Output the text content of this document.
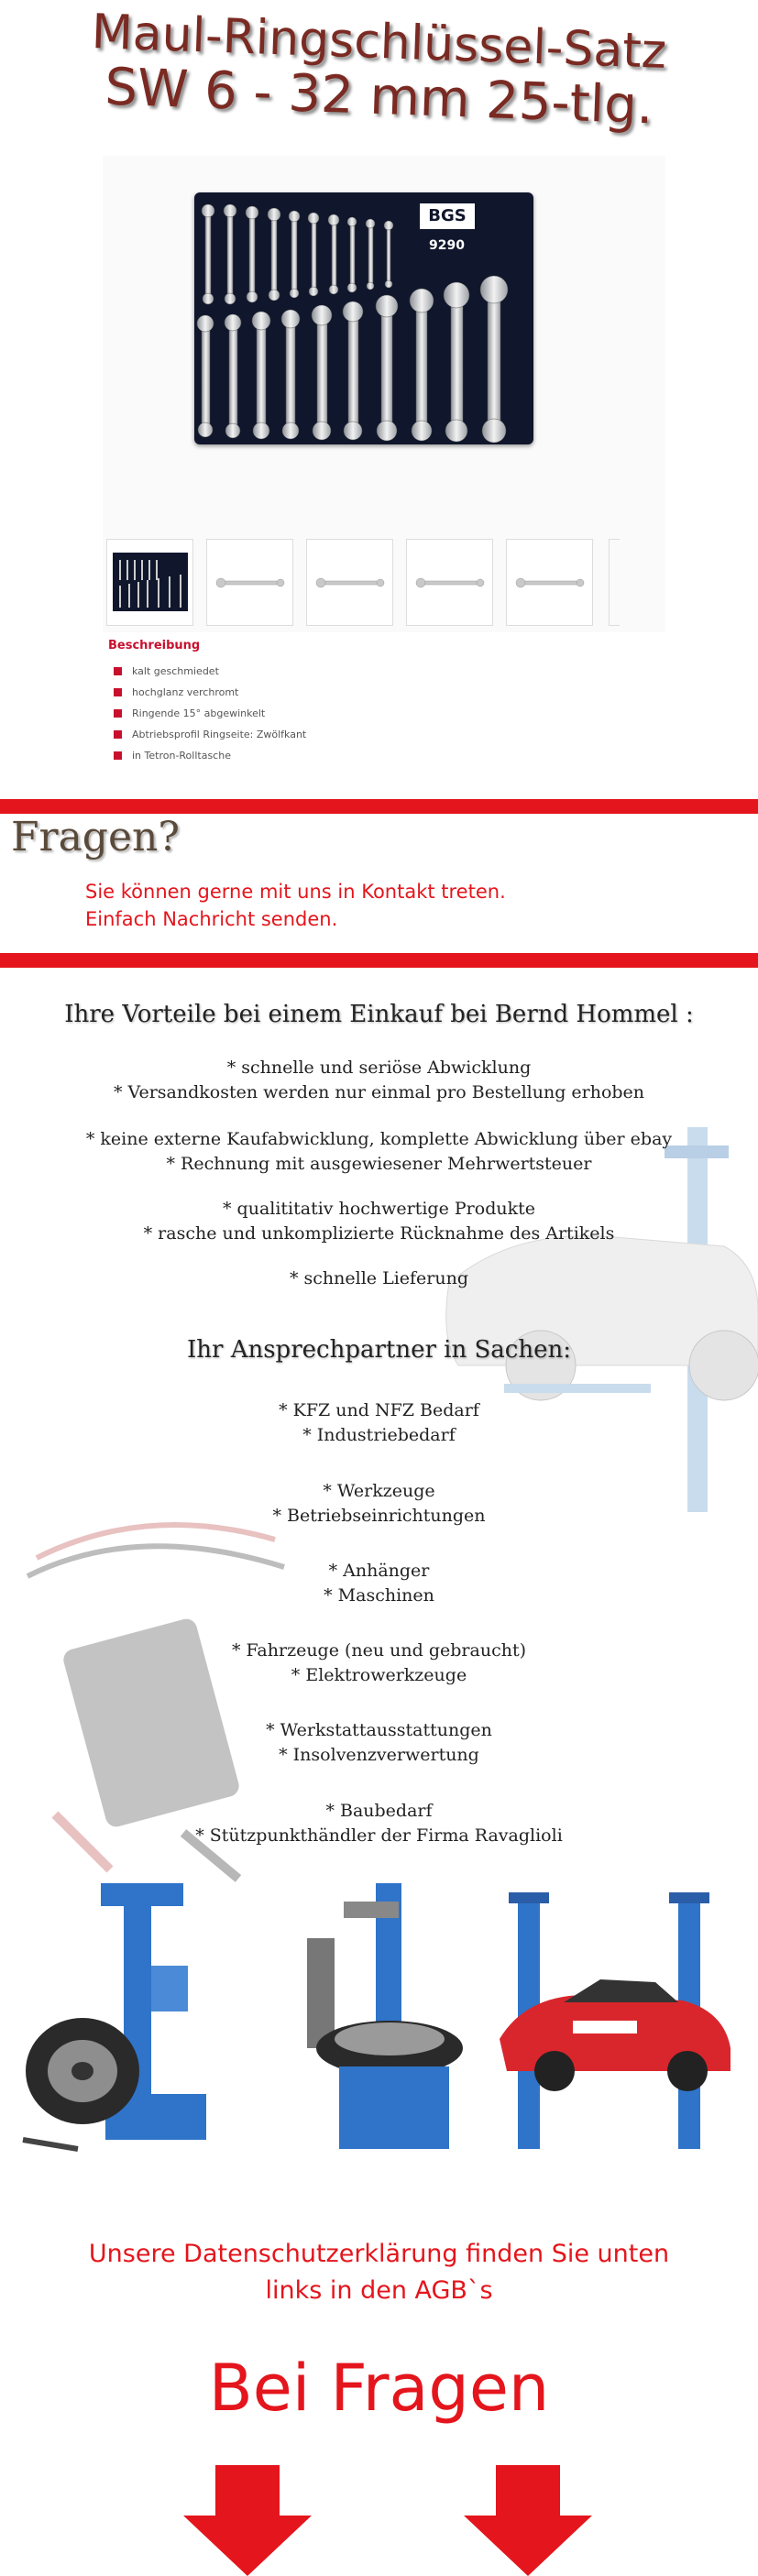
Maul-Ringschlüssel-Satz
SW 6 - 32 mm 25-tlg.
BGS
9290
Beschreibung
kalt geschmiedet
hochglanz verchromt
Ringende 15° abgewinkelt
Abtriebsprofil Ringseite: Zwölfkant
in Tetron-Rolltasche
Fragen?
Sie können gerne mit uns in Kontakt treten.
Einfach Nachricht senden.
Ihre Vorteile bei einem Einkauf bei Bernd Hommel :
* schnelle und seriöse Abwicklung
* Versandkosten werden nur einmal pro Bestellung erhoben
* keine externe Kaufabwicklung, komplette Abwicklung über ebay
* Rechnung mit ausgewiesener Mehrwertsteuer
* qualititativ hochwertige Produkte
* rasche und unkomplizierte Rücknahme des Artikels
* schnelle Lieferung
Ihr Ansprechpartner in Sachen:
* KFZ und NFZ Bedarf
* Industriebedarf
* Werkzeuge
* Betriebseinrichtungen
* Anhänger
* Maschinen
* Fahrzeuge (neu und gebraucht)
* Elektrowerkzeuge
* Werkstattausstattungen
* Insolvenzverwertung
* Baubedarf
* Stützpunkthändler der Firma Ravaglioli
Unsere Datenschutzerklärung finden Sie unten
links in den AGB`s
Bei Fragen
